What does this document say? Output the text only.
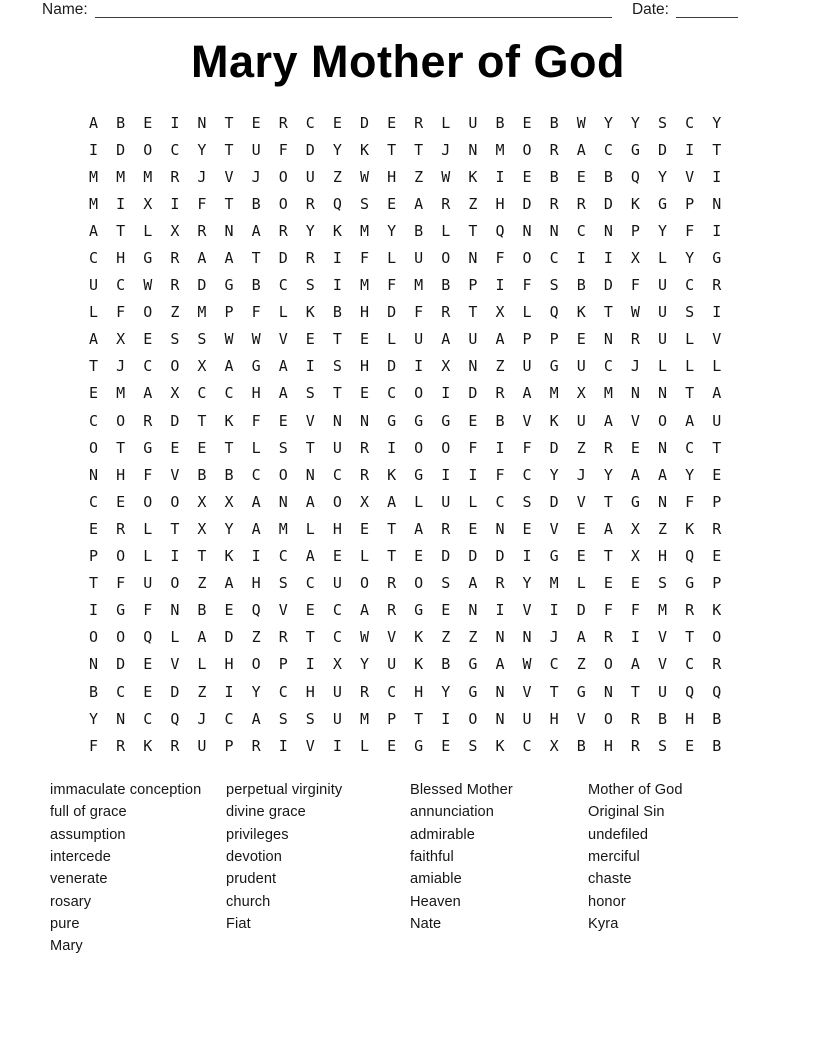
Name:	Date:
Mary Mother of God
A	B	E	I	N	T	E	R	C	E	D	E	R	L	U	B	E	B	W	Y	Y	S	C	Y
I	D	O	C	Y	T	U	F	D	Y	K	T	T	J	N	M	O	R	A	C	G	D	I	T
M	M	M	R	J	V	J	O	U	Z	W	H	Z	W	K	I	E	B	E	B	Q	Y	V	I
M	I	X	I	F	T	B	O	R	Q	S	E	A	R	Z	H	D	R	R	D	K	G	P	N
A	T	L	X	R	N	A	R	Y	K	M	Y	B	L	T	Q	N	N	C	N	P	Y	F	I
C	H	G	R	A	A	T	D	R	I	F	L	U	O	N	F	O	C	I	I	X	L	Y	G
U	C	W	R	D	G	B	C	S	I	M	F	M	B	P	I	F	S	B	D	F	U	C	R
L	F	O	Z	M	P	F	L	K	B	H	D	F	R	T	X	L	Q	K	T	W	U	S	I
A	X	E	S	S	W	W	V	E	T	E	L	U	A	U	A	P	P	E	N	R	U	L	V
T	J	C	O	X	A	G	A	I	S	H	D	I	X	N	Z	U	G	U	C	J	L	L	L
E	M	A	X	C	C	H	A	S	T	E	C	O	I	D	R	A	M	X	M	N	N	T	A
C	O	R	D	T	K	F	E	V	N	N	G	G	G	E	B	V	K	U	A	V	O	A	U
O	T	G	E	E	T	L	S	T	U	R	I	O	O	F	I	F	D	Z	R	E	N	C	T
N	H	F	V	B	B	C	O	N	C	R	K	G	I	I	F	C	Y	J	Y	A	A	Y	E
C	E	O	O	X	X	A	N	A	O	X	A	L	U	L	C	S	D	V	T	G	N	F	P
E	R	L	T	X	Y	A	M	L	H	E	T	A	R	E	N	E	V	E	A	X	Z	K	R
P	O	L	I	T	K	I	C	A	E	L	T	E	D	D	D	I	G	E	T	X	H	Q	E
T	F	U	O	Z	A	H	S	C	U	O	R	O	S	A	R	Y	M	L	E	E	S	G	P
I	G	F	N	B	E	Q	V	E	C	A	R	G	E	N	I	V	I	D	F	F	M	R	K
O	O	Q	L	A	D	Z	R	T	C	W	V	K	Z	Z	N	N	J	A	R	I	V	T	O
N	D	E	V	L	H	O	P	I	X	Y	U	K	B	G	A	W	C	Z	O	A	V	C	R
B	C	E	D	Z	I	Y	C	H	U	R	C	H	Y	G	N	V	T	G	N	T	U	Q	Q
Y	N	C	Q	J	C	A	S	S	U	M	P	T	I	O	N	U	H	V	O	R	B	H	B
F	R	K	R	U	P	R	I	V	I	L	E	G	E	S	K	C	X	B	H	R	S	E	B
immaculate conception
full of grace
assumption
intercede
venerate
rosary
pure
Mary
perpetual virginity
divine grace
privileges
devotion
prudent
church
Fiat
Blessed Mother
annunciation
admirable
faithful
amiable
Heaven
Nate
Mother of God
Original Sin
undefiled
merciful
chaste
honor
Kyra
